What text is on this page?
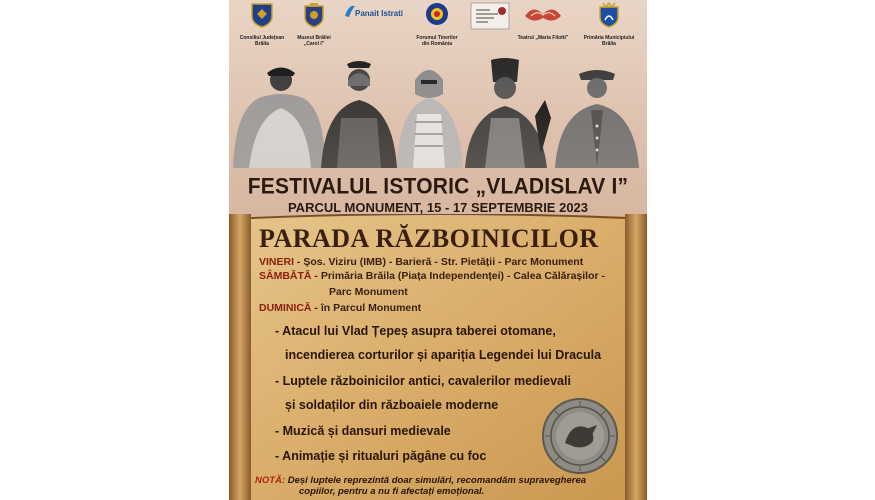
Consiliul Județean
Brăila
Muzeul Brăilei
„Carol I”
Panait Istrati
Forumul Tinerilor
din România
Teatrul „Maria Filotti”	Primăria Municipiului
Brăila
FESTIVALUL ISTORIC „VLADISLAV I”
PARCUL MONUMENT, 15 - 17 SEPTEMBRIE 2023
PARADA RĂZBOINICILOR
VINERI - Șos. Viziru (IMB) - Barieră - Str. Pietății - Parc Monument
SÂMBĂTĂ - Primăria Brăila (Piața Independenței) - Calea Călărașilor -
Parc Monument
DUMINICĂ - în Parcul Monument
- Atacul lui Vlad Țepeș asupra taberei otomane,
incendierea corturilor și apariția Legendei lui Dracula
- Luptele războinicilor antici, cavalerilor medievali
și soldaților din războaiele moderne
- Muzică și dansuri medievale
- Animație și ritualuri păgâne cu foc
NOTĂ: Deși luptele reprezintă doar simulări, recomandăm supravegherea
copiilor, pentru a nu fi afectați emoțional.
